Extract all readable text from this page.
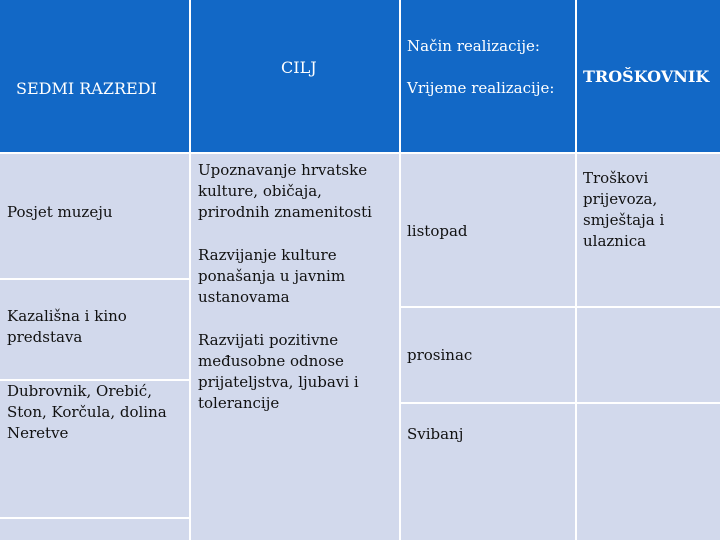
SEDMI RAZREDI
CILJ
Način realizacije:
Vrijeme realizacije:
TROŠKOVNIK
Posjet muzeju
Kazališna i kino predstava
Dubrovnik, Orebić, Ston, Korčula, dolina Neretve
Upoznavanje hrvatske kulture, običaja, prirodnih znamenitosti
Razvijanje kulture ponašanja u javnim ustanovama
Razvijati pozitivne međusobne odnose prijateljstva, ljubavi i tolerancije
listopad
prosinac
Svibanj
Troškovi prijevoza, smještaja i ulaznica
